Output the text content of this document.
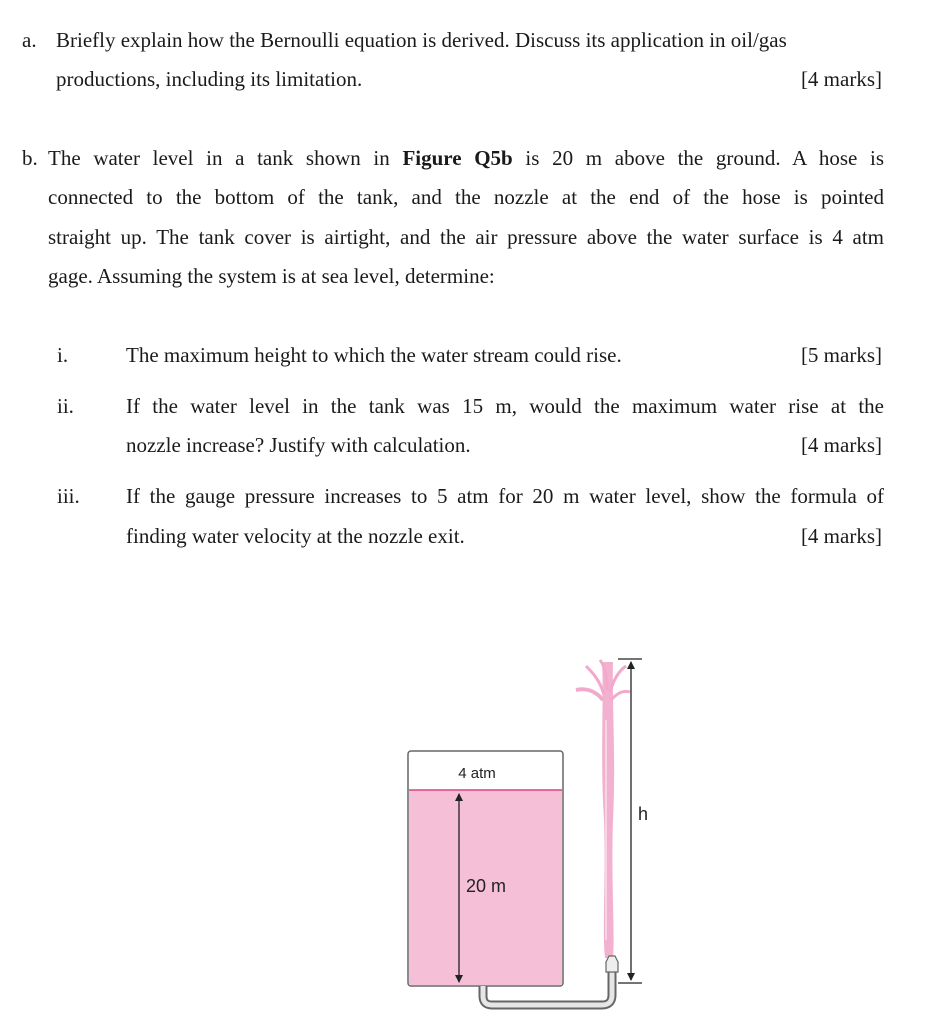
a. Briefly explain how the Bernoulli equation is derived. Discuss its application in oil/gas
productions, including its limitation.	[4 marks]
b. The water level in a tank shown in Figure Q5b is 20 m above the ground. A hose is
connected to the bottom of the tank, and the nozzle at the end of the hose is pointed
straight up. The tank cover is airtight, and the air pressure above the water surface is 4 atm
gage. Assuming the system is at sea level, determine:
i.	The maximum height to which the water stream could rise.	[5 marks]
ii. If the water level in the tank was 15 m, would the maximum water rise at the
nozzle increase? Justify with calculation.	[4 marks]
iii. If the gauge pressure increases to 5 atm for 20 m water level, show the formula of
finding water velocity at the nozzle exit.	[4 marks]
4 atm
20 m
h
